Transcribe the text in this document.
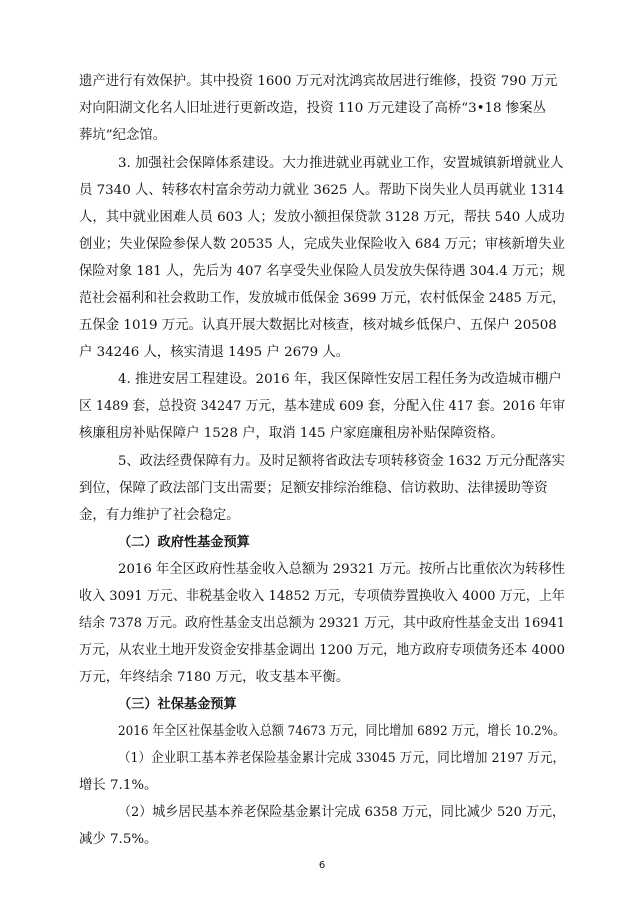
遗产进行有效保护。其中投资 1600 万元对沈鸿宾故居进行维修，投资 790 万元
对向阳湖文化名人旧址进行更新改造，投资 110 万元建设了高桥“3•18 惨案丛
葬坑”纪念馆。
3. 加强社会保障体系建设。大力推进就业再就业工作，安置城镇新增就业人
员 7340 人、转移农村富余劳动力就业 3625 人。帮助下岗失业人员再就业 1314
人，其中就业困难人员 603 人；发放小额担保贷款 3128 万元，帮扶 540 人成功
创业；失业保险参保人数 20535 人，完成失业保险收入 684 万元；审核新增失业
保险对象 181 人，先后为 407 名享受失业保险人员发放失保待遇 304.4 万元；规
范社会福利和社会救助工作，发放城市低保金 3699 万元，农村低保金 2485 万元，
五保金 1019 万元。认真开展大数据比对核查，核对城乡低保户、五保户 20508
户 34246 人，核实清退 1495 户 2679 人。
4. 推进安居工程建设。2016 年，我区保障性安居工程任务为改造城市棚户
区 1489 套，总投资 34247 万元，基本建成 609 套，分配入住 417 套。2016 年审
核廉租房补贴保障户 1528 户，取消 145 户家庭廉租房补贴保障资格。
5、政法经费保障有力。及时足额将省政法专项转移资金 1632 万元分配落实
到位，保障了政法部门支出需要；足额安排综治维稳、信访救助、法律援助等资
金，有力维护了社会稳定。
（二）政府性基金预算
2016 年全区政府性基金收入总额为 29321 万元。按所占比重依次为转移性
收入 3091 万元、非税基金收入 14852 万元，专项债券置换收入 4000 万元，上年
结余 7378 万元。政府性基金支出总额为 29321 万元，其中政府性基金支出 16941
万元，从农业土地开发资金安排基金调出 1200 万元，地方政府专项债务还本 4000
万元，年终结余 7180 万元，收支基本平衡。
（三）社保基金预算
2016 年全区社保基金收入总额 74673 万元，同比增加 6892 万元，增长 10.2%。
（1）企业职工基本养老保险基金累计完成 33045 万元，同比增加 2197 万元，
增长 7.1%。
（2）城乡居民基本养老保险基金累计完成 6358 万元，同比减少 520 万元，
减少 7.5%。
6
